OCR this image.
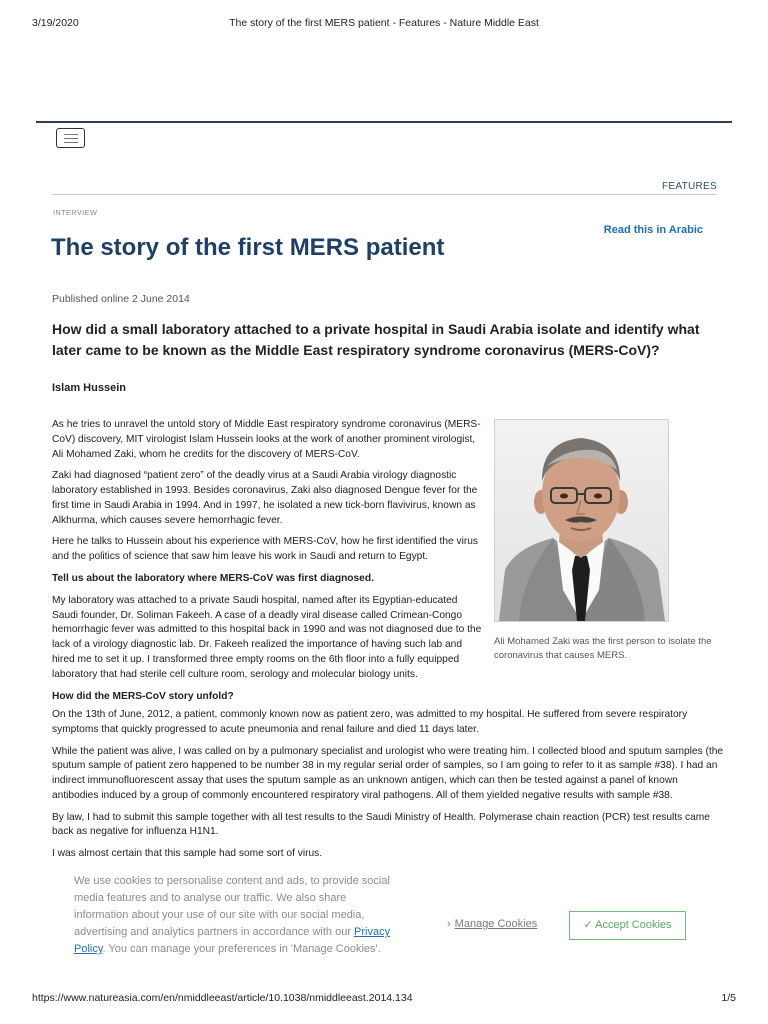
3/19/2020	The story of the first MERS patient - Features - Nature Middle East
FEATURES
INTERVIEW
Read this in Arabic
The story of the first MERS patient
Published online 2 June 2014

How did a small laboratory attached to a private hospital in Saudi Arabia isolate and identify what later came to be known as the Middle East respiratory syndrome coronavirus (MERS-CoV)?

Islam Hussein

As he tries to unravel the untold story of Middle East respiratory syndrome coronavirus (MERS-CoV) discovery, MIT virologist Islam Hussein looks at the work of another prominent virologist, Ali Mohamed Zaki, whom he credits for the discovery of MERS-CoV.

Zaki had diagnosed “patient zero” of the deadly virus at a Saudi Arabia virology diagnostic laboratory established in 1993. Besides coronavirus, Zaki also diagnosed Dengue fever for the first time in Saudi Arabia in 1994. And in 1997, he isolated a new tick-born flavivirus, known as Alkhurma, which causes severe hemorrhagic fever.

Here he talks to Hussein about his experience with MERS-CoV, how he first identified the virus and the politics of science that saw him leave his work in Saudi and return to Egypt.

Tell us about the laboratory where MERS-CoV was first diagnosed.

My laboratory was attached to a private Saudi hospital, named after its Egyptian-educated Saudi founder, Dr. Soliman Fakeeh. A case of a deadly viral disease called Crimean-Congo hemorrhagic fever was admitted to this hospital back in 1990 and was not diagnosed due to the lack of a virology diagnostic lab. Dr. Fakeeh realized the importance of having such lab and hired me to set it up. I transformed three empty rooms on the 6th floor into a fully equipped laboratory that had sterile cell culture room, serology and molecular biology units.

How did the MERS-CoV story unfold?

Ali Mohamed Zaki was the first person to isolate the coronavirus that causes MERS.

On the 13th of June, 2012, a patient, commonly known now as patient zero, was admitted to my hospital. He suffered from severe respiratory symptoms that quickly progressed to acute pneumonia and renal failure and died 11 days later.

While the patient was alive, I was called on by a pulmonary specialist and urologist who were treating him. I collected blood and sputum samples (the sputum sample of patient zero happened to be number 38 in my regular serial order of samples, so I am going to refer to it as sample #38). I had an indirect immunofluorescent assay that uses the sputum sample as an unknown antigen, which can then be tested against a panel of known antibodies induced by a group of commonly encountered respiratory viral pathogens. All of them yielded negative results with sample #38.

By law, I had to submit this sample together with all test results to the Saudi Ministry of Health. Polymerase chain reaction (PCR) test results came back as negative for influenza H1N1.

I was almost certain that this sample had some sort of virus.

We use cookies to personalise content and ads, to provide social media features and to analyse our traffic. We also share information about your use of our site with our social media, advertising and analytics partners in accordance with our Privacy Policy. You can manage your preferences in 'Manage Cookies'.
› Manage Cookies	✓ Accept Cookies
https://www.natureasia.com/en/nmiddleeast/article/10.1038/nmiddleeast.2014.134	1/5
